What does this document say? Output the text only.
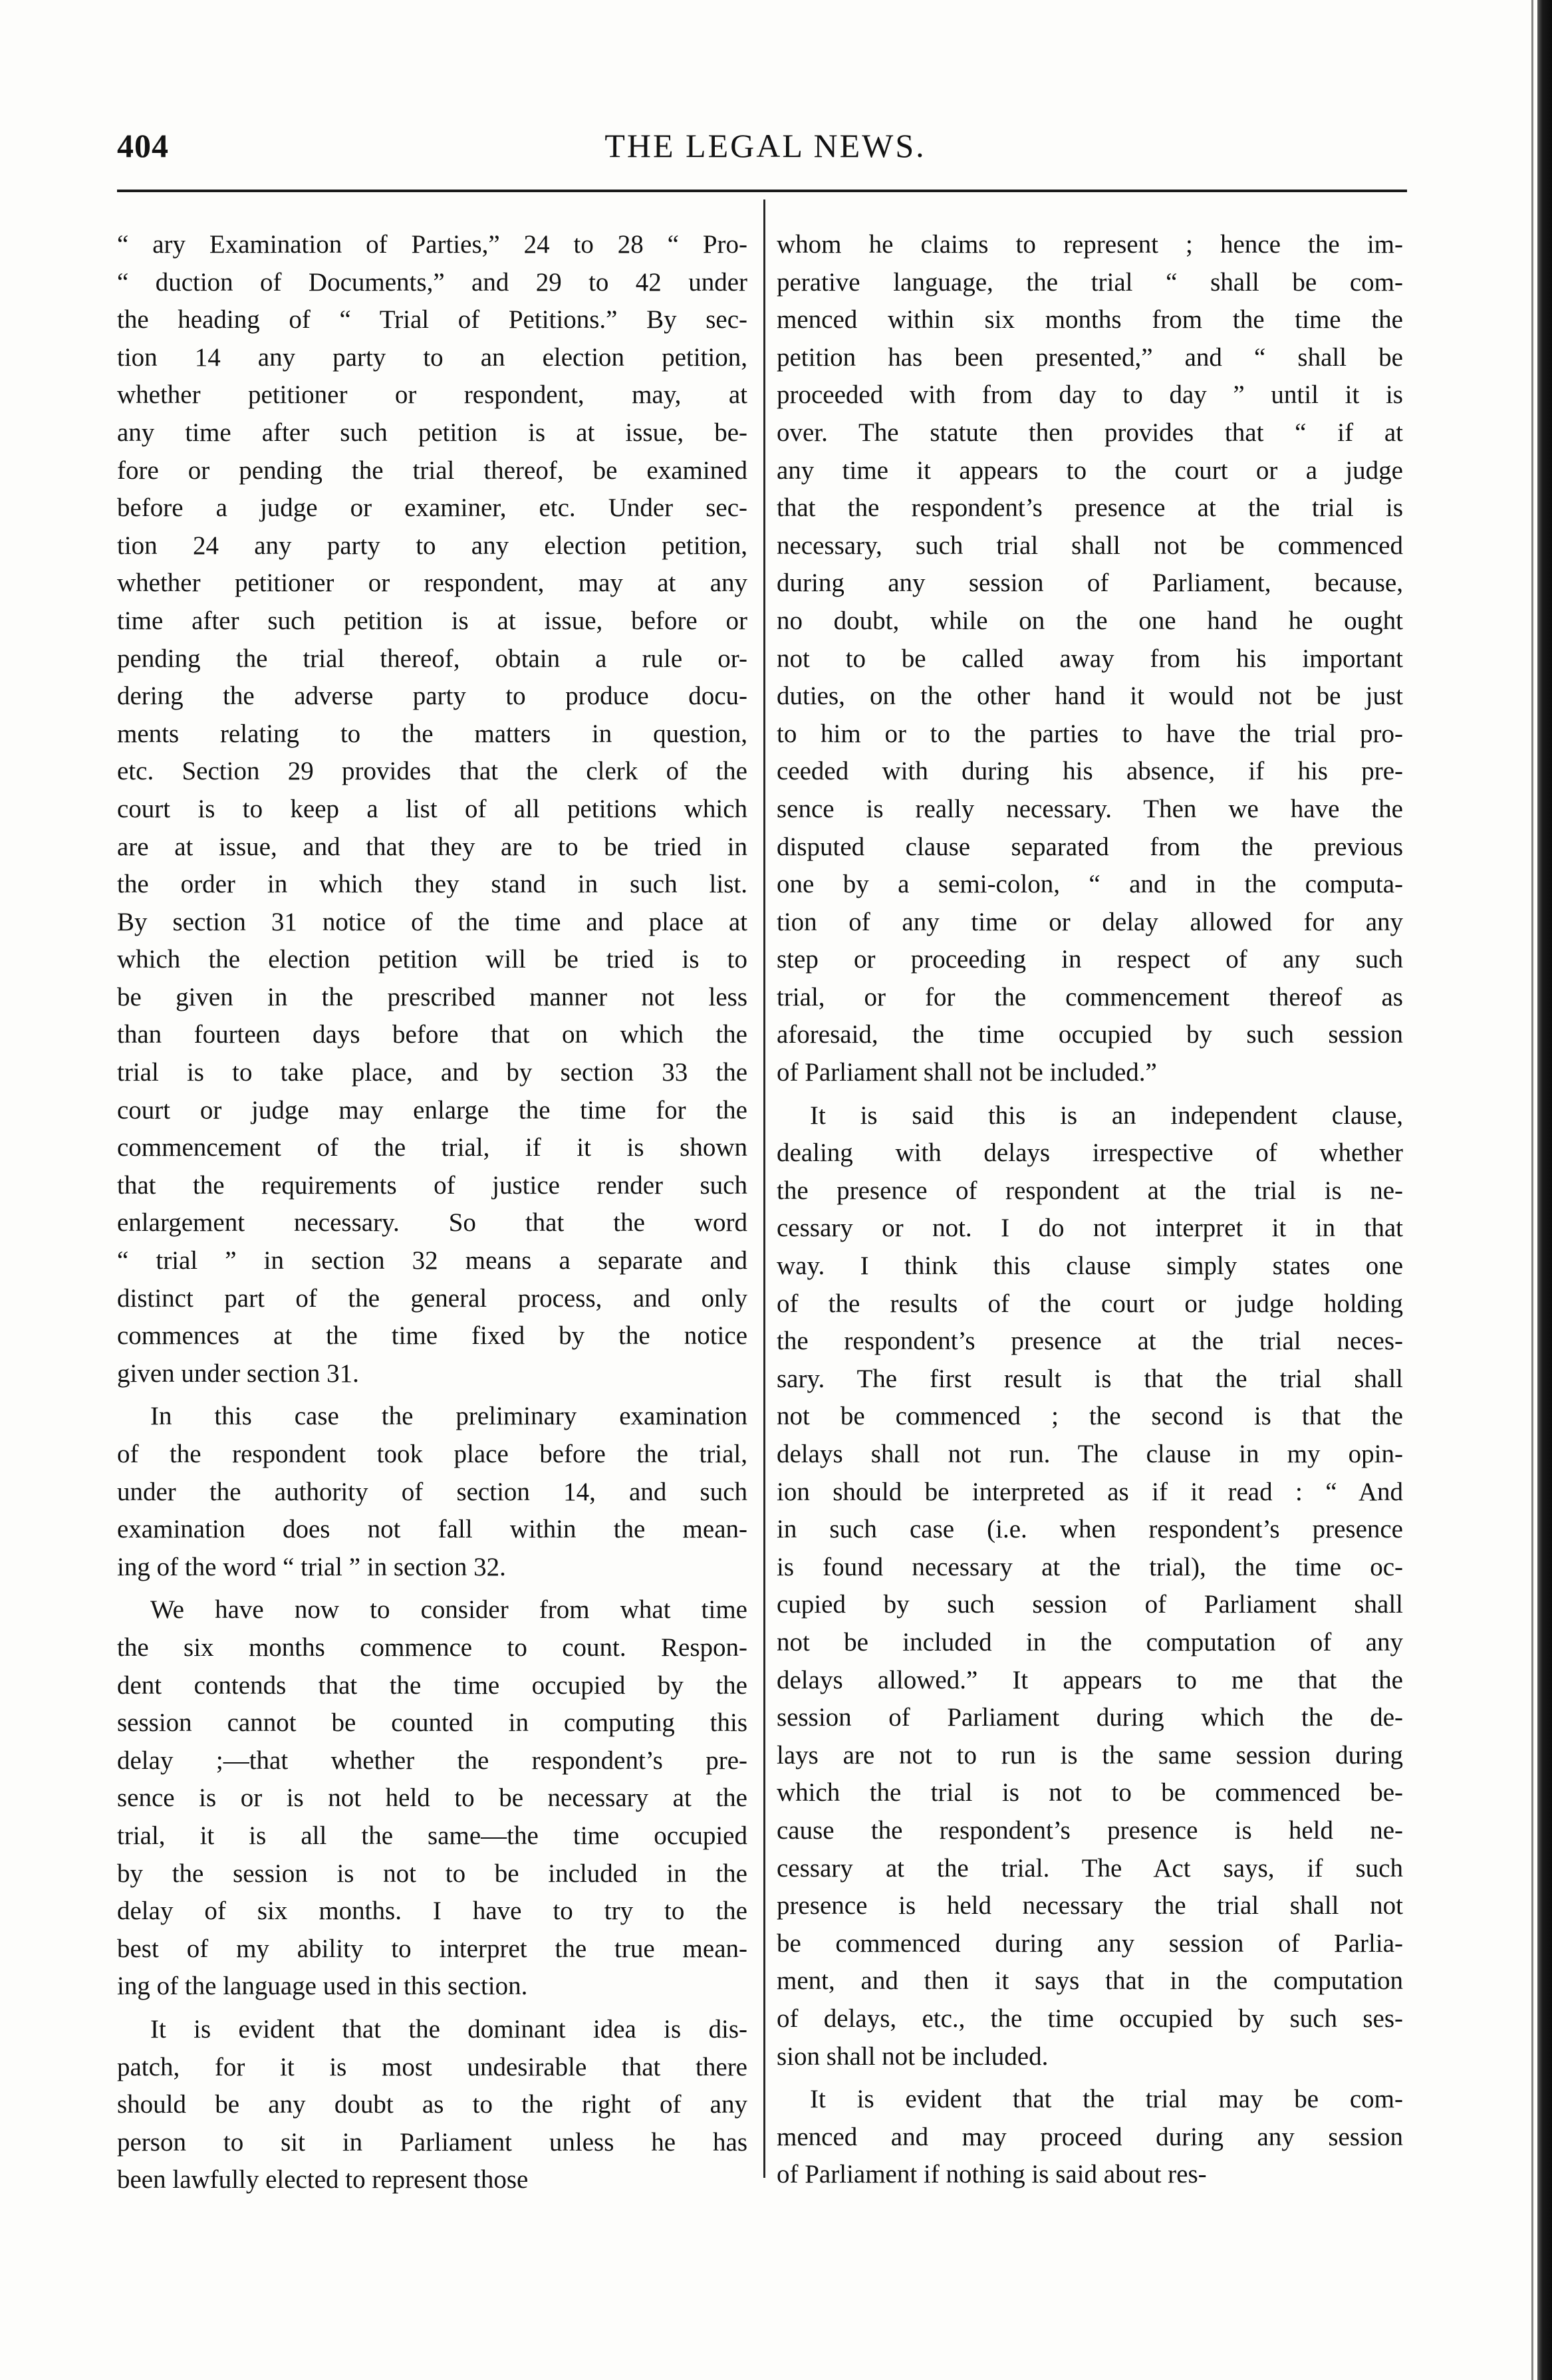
404	THE LEGAL NEWS.
“ ary Examination of Parties,” 24 to 28 “ Pro-
“ duction of Documents,” and 29 to 42 under
the heading of “ Trial of Petitions.” By sec-
tion 14 any party to an election petition,
whether petitioner or respondent, may, at
any time after such petition is at issue, be-
fore or pending the trial thereof, be examined
before a judge or examiner, etc. Under sec-
tion 24 any party to any election petition,
whether petitioner or respondent, may at any
time after such petition is at issue, before or
pending the trial thereof, obtain a rule or-
dering the adverse party to produce docu-
ments relating to the matters in question,
etc. Section 29 provides that the clerk of the
court is to keep a list of all petitions which
are at issue, and that they are to be tried in
the order in which they stand in such list.
By section 31 notice of the time and place at
which the election petition will be tried is to
be given in the prescribed manner not less
than fourteen days before that on which the
trial is to take place, and by section 33 the
court or judge may enlarge the time for the
commencement of the trial, if it is shown
that the requirements of justice render such
enlargement necessary. So that the word
“ trial ” in section 32 means a separate and
distinct part of the general process, and only
commences at the time fixed by the notice
given under section 31.
In this case the preliminary examination
of the respondent took place before the trial,
under the authority of section 14, and such
examination does not fall within the mean-
ing of the word “ trial ” in section 32.
We have now to consider from what time
the six months commence to count. Respon-
dent contends that the time occupied by the
session cannot be counted in computing this
delay ;—that whether the respondent’s pre-
sence is or is not held to be necessary at the
trial, it is all the same—the time occupied
by the session is not to be included in the
delay of six months. I have to try to the
best of my ability to interpret the true mean-
ing of the language used in this section.
It is evident that the dominant idea is dis-
patch, for it is most undesirable that there
should be any doubt as to the right of any
person to sit in Parliament unless he has
been lawfully elected to represent those
whom he claims to represent ; hence the im-
perative language, the trial “ shall be com-
menced within six months from the time the
petition has been presented,” and “ shall be
proceeded with from day to day ” until it is
over. The statute then provides that “ if at
any time it appears to the court or a judge
that the respondent’s presence at the trial is
necessary, such trial shall not be commenced
during any session of Parliament, because,
no doubt, while on the one hand he ought
not to be called away from his important
duties, on the other hand it would not be just
to him or to the parties to have the trial pro-
ceeded with during his absence, if his pre-
sence is really necessary. Then we have the
disputed clause separated from the previous
one by a semi-colon, “ and in the computa-
tion of any time or delay allowed for any
step or proceeding in respect of any such
trial, or for the commencement thereof as
aforesaid, the time occupied by such session
of Parliament shall not be included.”
It is said this is an independent clause,
dealing with delays irrespective of whether
the presence of respondent at the trial is ne-
cessary or not. I do not interpret it in that
way. I think this clause simply states one
of the results of the court or judge holding
the respondent’s presence at the trial neces-
sary. The first result is that the trial shall
not be commenced ; the second is that the
delays shall not run. The clause in my opin-
ion should be interpreted as if it read : “ And
in such case (i.e. when respondent’s presence
is found necessary at the trial), the time oc-
cupied by such session of Parliament shall
not be included in the computation of any
delays allowed.” It appears to me that the
session of Parliament during which the de-
lays are not to run is the same session during
which the trial is not to be commenced be-
cause the respondent’s presence is held ne-
cessary at the trial. The Act says, if such
presence is held necessary the trial shall not
be commenced during any session of Parlia-
ment, and then it says that in the computation
of delays, etc., the time occupied by such ses-
sion shall not be included.
It is evident that the trial may be com-
menced and may proceed during any session
of Parliament if nothing is said about res-
